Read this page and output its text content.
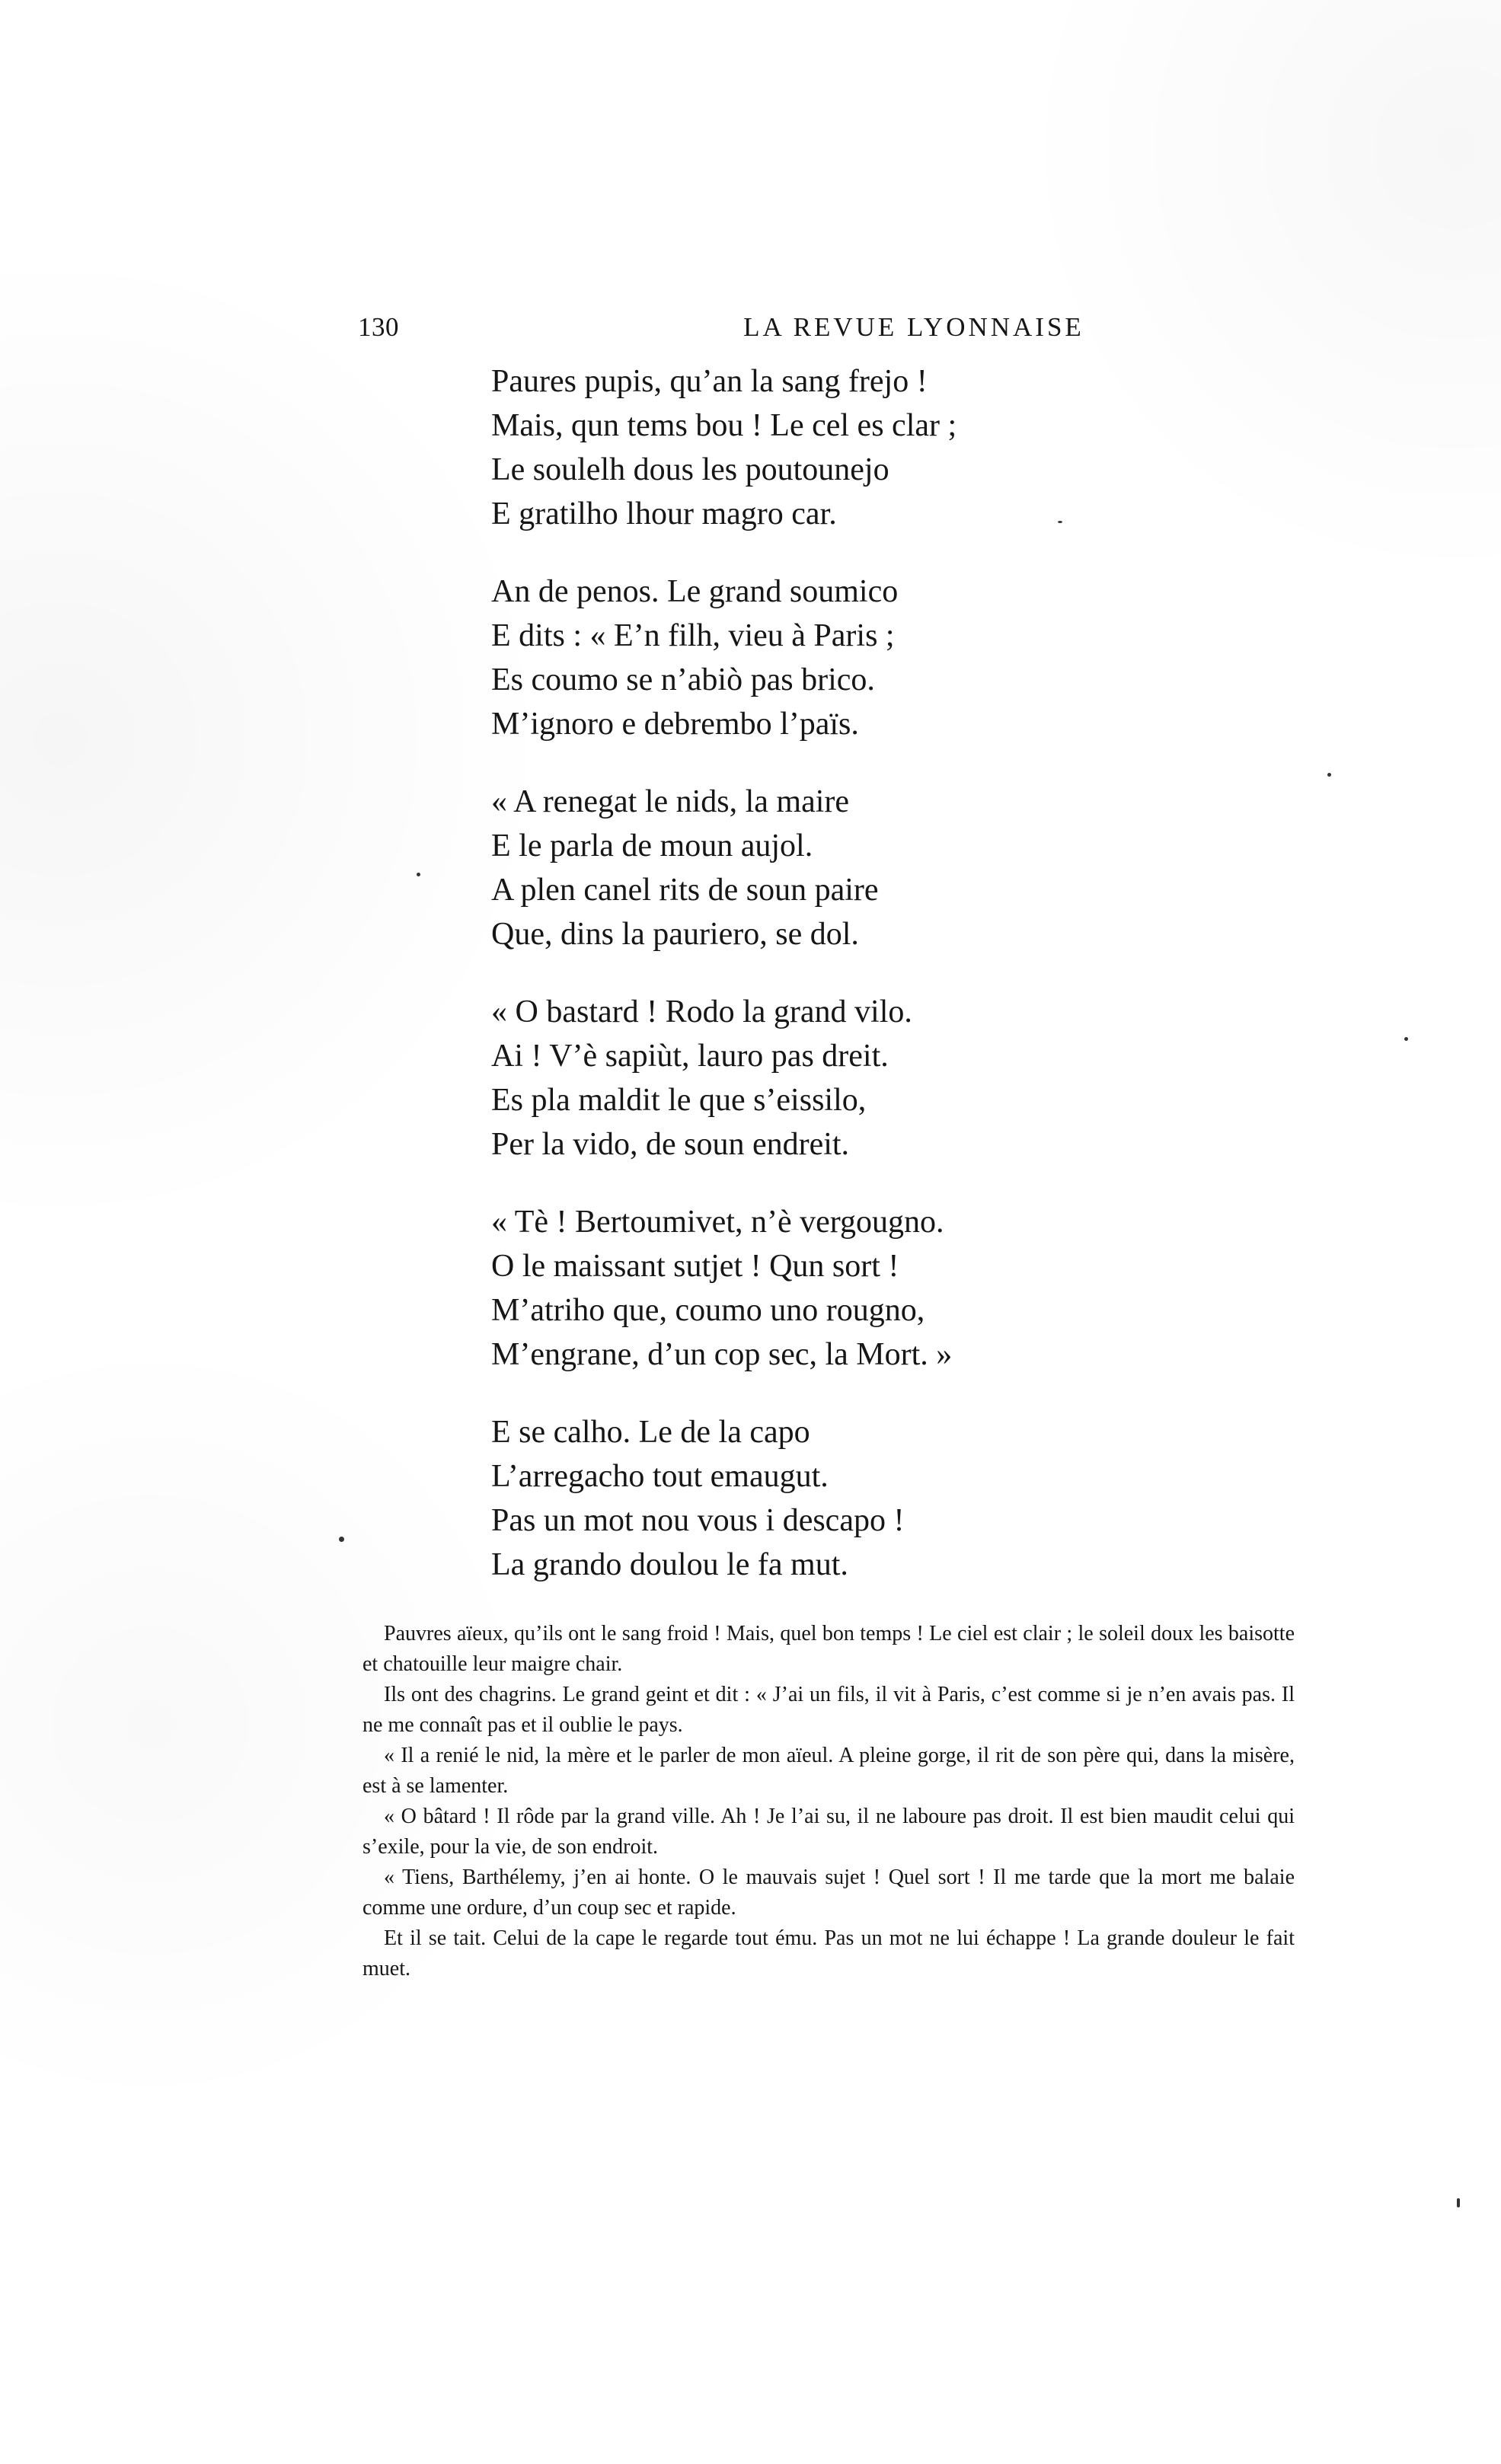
130	LA REVUE LYONNAISE
Paures pupis, qu’an la sang frejo !
Mais, qun tems bou ! Le cel es clar ;
Le soulelh dous les poutounejo
E gratilho lhour magro car.
An de penos. Le grand soumico
E dits : « E’n filh, vieu à Paris ;
Es coumo se n’abiò pas brico.
M’ignoro e debrembo l’païs.
« A renegat le nids, la maire
E le parla de moun aujol.
A plen canel rits de soun paire
Que, dins la pauriero, se dol.
« O bastard ! Rodo la grand vilo.
Ai ! V’è sapiùt, lauro pas dreit.
Es pla maldit le que s’eissilo,
Per la vido, de soun endreit.
« Tè ! Bertoumivet, n’è vergougno.
O le maissant sutjet ! Qun sort !
M’atriho que, coumo uno rougno,
M’engrane, d’un cop sec, la Mort. »
E se calho. Le de la capo
L’arregacho tout emaugut.
Pas un mot nou vous i descapo !
La grando doulou le fa mut.

Pauvres aïeux, qu’ils ont le sang froid ! Mais, quel bon temps ! Le ciel est clair ; le soleil doux les baisotte et chatouille leur maigre chair.

Ils ont des chagrins. Le grand geint et dit : « J’ai un fils, il vit à Paris, c’est comme si je n’en avais pas. Il ne me connaît pas et il oublie le pays.

« Il a renié le nid, la mère et le parler de mon aïeul. A pleine gorge, il rit de son père qui, dans la misère, est à se lamenter.

« O bâtard ! Il rôde par la grand ville. Ah ! Je l’ai su, il ne laboure pas droit. Il est bien maudit celui qui s’exile, pour la vie, de son endroit.

« Tiens, Barthélemy, j’en ai honte. O le mauvais sujet ! Quel sort ! Il me tarde que la mort me balaie comme une ordure, d’un coup sec et rapide.

Et il se tait. Celui de la cape le regarde tout ému. Pas un mot ne lui échappe ! La grande douleur le fait muet.
